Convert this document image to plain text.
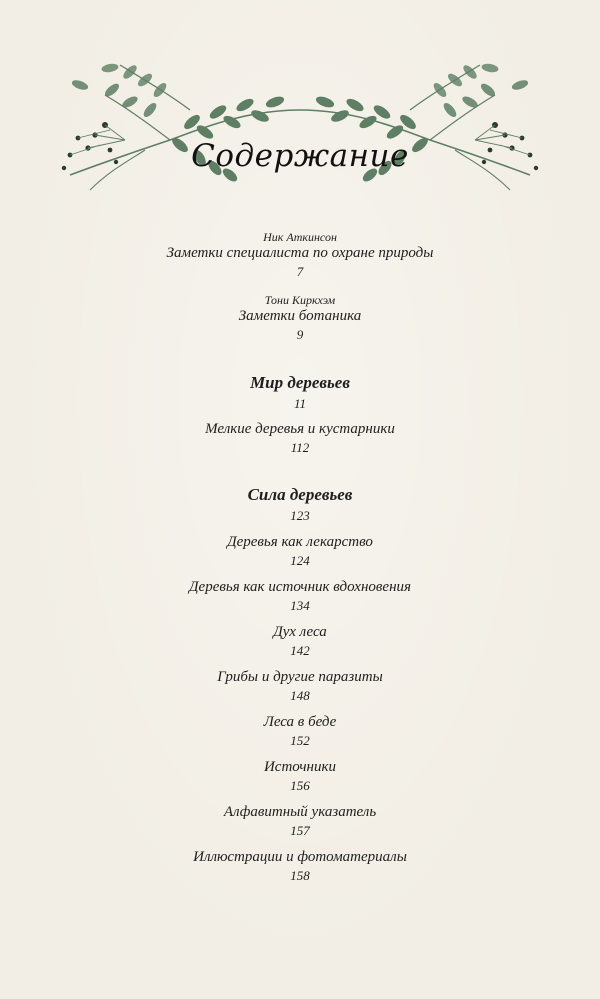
Содержание
Ник Аткинсон
Заметки специалиста по охране природы
7
Тони Киркхэм
Заметки ботаника
9
Мир деревьев
11
Мелкие деревья и кустарники
112
Сила деревьев
123
Деревья как лекарство
124
Деревья как источник вдохновения
134
Дух леса
142
Грибы и другие паразиты
148
Леса в беде
152
Источники
156
Алфавитный указатель
157
Иллюстрации и фотоматериалы
158
